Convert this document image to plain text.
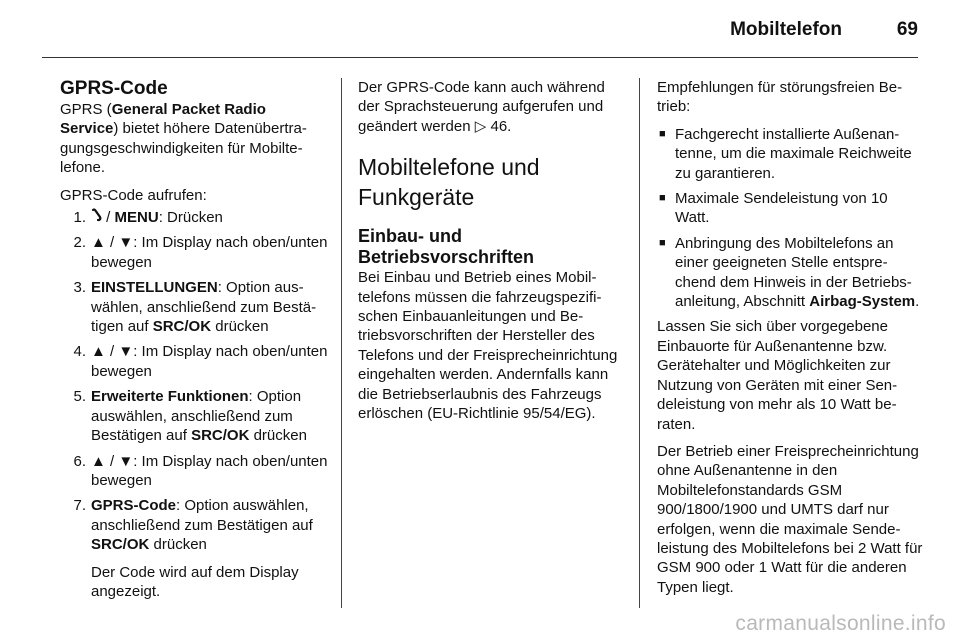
Mobiltelefon	69
GPRS-Code

GPRS (General Packet Radio Service) bietet höhere Datenübertragungsgeschwindigkeiten für Mobiltelefone.

GPRS-Code aufrufen:

1.	/ MENU: Drücken
2. ▲ / ▼: Im Display nach oben/unten bewegen
3. EINSTELLUNGEN: Option auswählen, anschließend zum Bestätigen auf SRC/OK drücken
4. ▲ / ▼: Im Display nach oben/unten bewegen
5. Erweiterte Funktionen: Option auswählen, anschließend zum Bestätigen auf SRC/OK drücken
6. ▲ / ▼: Im Display nach oben/unten bewegen
7. GPRS-Code: Option auswählen, anschließend zum Bestätigen auf SRC/OK drücken
Der Code wird auf dem Display angezeigt.

Der GPRS-Code kann auch während der Sprachsteuerung aufgerufen und geändert werden ▷ 46.

Mobiltelefone und Funkgeräte
Einbau- und Betriebsvorschriften

Bei Einbau und Betrieb eines Mobiltelefons müssen die fahrzeugspezifischen Einbauanleitungen und Betriebsvorschriften der Hersteller des Telefons und der Freisprecheinrichtung eingehalten werden. Andernfalls kann die Betriebserlaubnis des Fahrzeugs erlöschen (EU-Richtlinie 95/54/EG).

Empfehlungen für störungsfreien Betrieb:

■ Fachgerecht installierte Außenantenne, um die maximale Reichweite zu garantieren.
■ Maximale Sendeleistung von 10 Watt.
■ Anbringung des Mobiltelefons an einer geeigneten Stelle entsprechend dem Hinweis in der Betriebsanleitung, Abschnitt Airbag-System.

Lassen Sie sich über vorgegebene Einbauorte für Außenantenne bzw. Gerätehalter und Möglichkeiten zur Nutzung von Geräten mit einer Sendeleistung von mehr als 10 Watt beraten.

Der Betrieb einer Freisprecheinrichtung ohne Außenantenne in den Mobiltelefonstandards GSM 900/1800/1900 und UMTS darf nur erfolgen, wenn die maximale Sendeleistung des Mobiltelefons bei 2 Watt für GSM 900 oder 1 Watt für die anderen Typen liegt.

carmanualsonline.info
